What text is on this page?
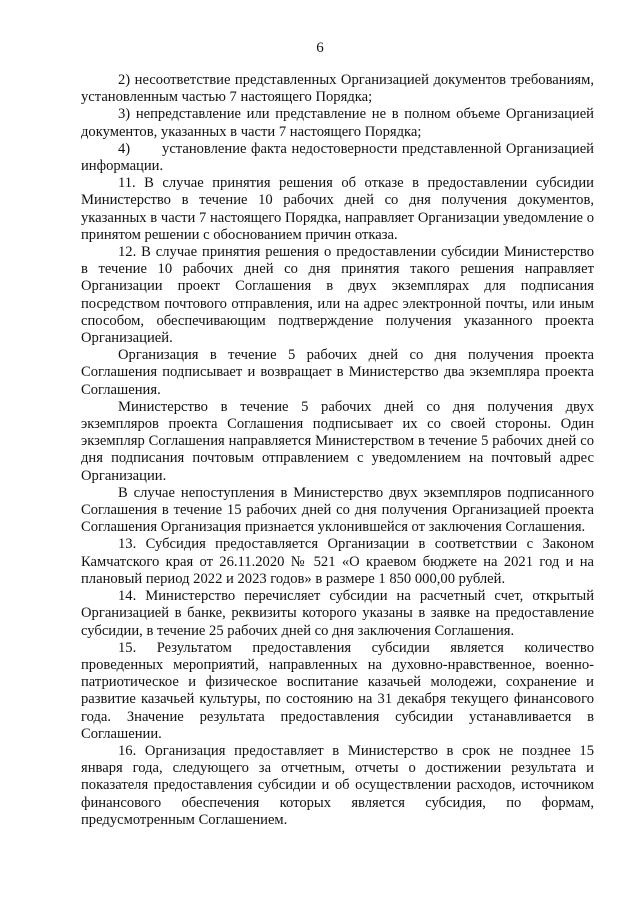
6

2) несоответствие представленных Организацией документов требованиям, установленным частью 7 настоящего Порядка;

3) непредставление или представление не в полном объеме Организацией документов, указанных в части 7 настоящего Порядка;

4)       установление факта недостоверности представленной Организацией информации.

11. В случае принятия решения об отказе в предоставлении субсидии Министерство в течение 10 рабочих дней со дня получения документов, указанных в части 7 настоящего Порядка, направляет Организации уведомление о принятом решении с обоснованием причин отказа.

12. В случае принятия решения о предоставлении субсидии Министерство в течение 10 рабочих дней со дня принятия такого решения направляет Организации проект Соглашения в двух экземплярах для подписания посредством почтового отправления, или на адрес электронной почты, или иным способом, обеспечивающим подтверждение получения указанного проекта Организацией.

Организация в течение 5 рабочих дней со дня получения проекта Соглашения подписывает и возвращает в Министерство два экземпляра проекта Соглашения.

Министерство в течение 5 рабочих дней со дня получения двух экземпляров проекта Соглашения подписывает их со своей стороны. Один экземпляр Соглашения направляется Министерством в течение 5 рабочих дней со дня подписания почтовым отправлением с уведомлением на почтовый адрес Организации.

В случае непоступления в Министерство двух экземпляров подписанного Соглашения в течение 15 рабочих дней со дня получения Организацией проекта Соглашения Организация признается уклонившейся от заключения Соглашения.

13. Субсидия предоставляется Организации в соответствии с Законом Камчатского края от 26.11.2020 № 521 «О краевом бюджете на 2021 год и на плановый период 2022 и 2023 годов» в размере 1 850 000,00 рублей.

14. Министерство перечисляет субсидии на расчетный счет, открытый Организацией в банке, реквизиты которого указаны в заявке на предоставление субсидии, в течение 25 рабочих дней со дня заключения Соглашения.

15. Результатом предоставления субсидии является количество проведенных мероприятий, направленных на духовно-нравственное, военно-патриотическое и физическое воспитание казачьей молодежи, сохранение и развитие казачьей культуры, по состоянию на 31 декабря текущего финансового года. Значение результата предоставления субсидии устанавливается в Соглашении.

16. Организация предоставляет в Министерство в срок не позднее 15 января года, следующего за отчетным, отчеты о достижении результата и показателя предоставления субсидии и об осуществлении расходов, источником финансового обеспечения которых является субсидия, по формам, предусмотренным Соглашением.
